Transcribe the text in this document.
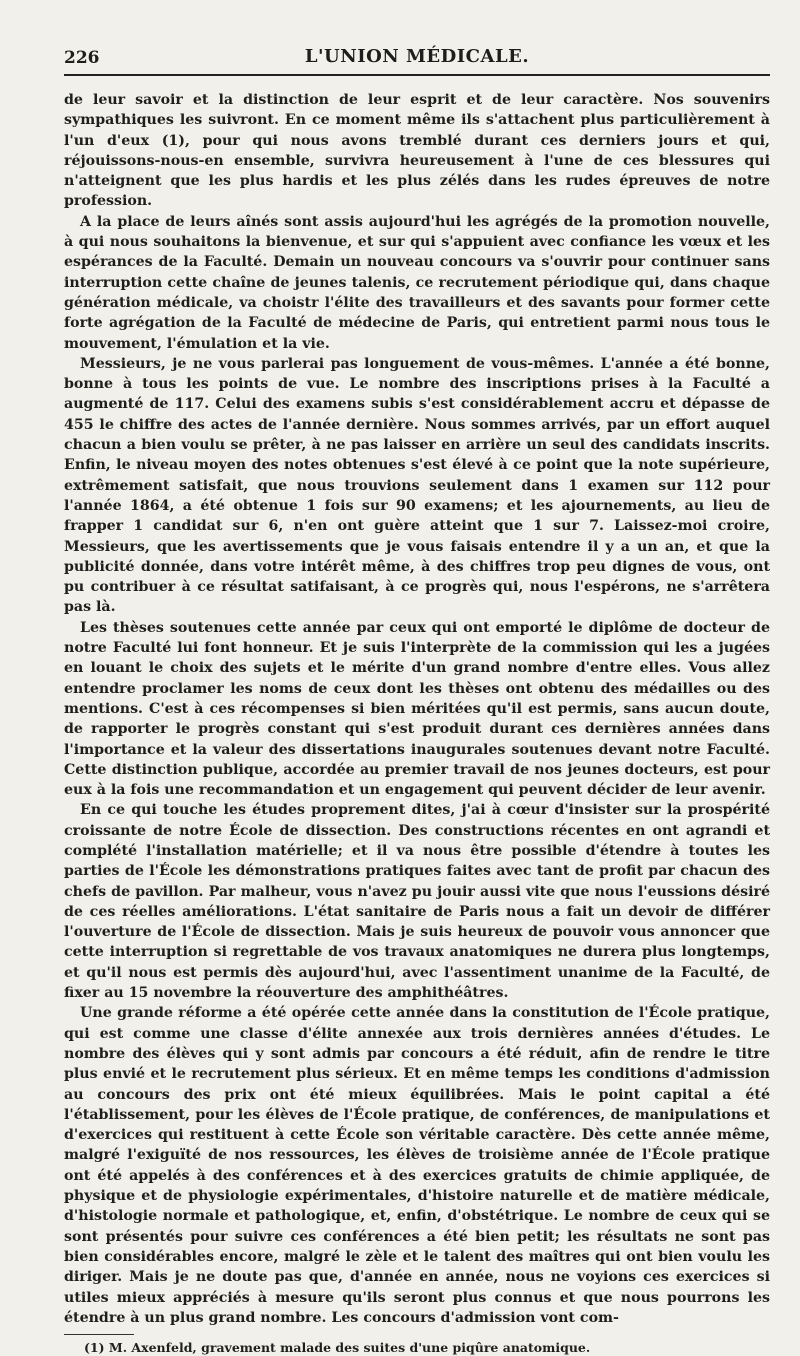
226	L'UNION MÉDICALE.

de leur savoir et la distinction de leur esprit et de leur caractère. Nos souvenirs sympathiques les suivront. En ce moment même ils s'attachent plus particulièrement à l'un d'eux (1), pour qui nous avons tremblé durant ces derniers jours et qui, réjouissons-nous-en ensemble, survivra heureusement à l'une de ces blessures qui n'atteignent que les plus hardis et les plus zélés dans les rudes épreuves de notre profession.

A la place de leurs aînés sont assis aujourd'hui les agrégés de la promotion nouvelle, à qui nous souhaitons la bienvenue, et sur qui s'appuient avec confiance les vœux et les espérances de la Faculté. Demain un nouveau concours va s'ouvrir pour continuer sans interruption cette chaîne de jeunes talenis, ce recrutement périodique qui, dans chaque génération médicale, va choistr l'élite des travailleurs et des savants pour former cette forte agrégation de la Faculté de médecine de Paris, qui entretient parmi nous tous le mouvement, l'émulation et la vie.

Messieurs, je ne vous parlerai pas longuement de vous-mêmes. L'année a été bonne, bonne à tous les points de vue. Le nombre des inscriptions prises à la Faculté a augmenté de 117. Celui des examens subis s'est considérablement accru et dépasse de 455 le chiffre des actes de l'année dernière. Nous sommes arrivés, par un effort auquel chacun a bien voulu se prêter, à ne pas laisser en arrière un seul des candidats inscrits. Enfin, le niveau moyen des notes obtenues s'est élevé à ce point que la note supérieure, extrêmement satisfait, que nous trouvions seulement dans 1 examen sur 112 pour l'année 1864, a été obtenue 1 fois sur 90 examens; et les ajournements, au lieu de frapper 1 candidat sur 6, n'en ont guère atteint que 1 sur 7. Laissez-moi croire, Messieurs, que les avertissements que je vous faisais entendre il y a un an, et que la publicité donnée, dans votre intérêt même, à des chiffres trop peu dignes de vous, ont pu contribuer à ce résultat satifaisant, à ce progrès qui, nous l'espérons, ne s'arrêtera pas là.

Les thèses soutenues cette année par ceux qui ont emporté le diplôme de docteur de notre Faculté lui font honneur. Et je suis l'interprète de la commission qui les a jugées en louant le choix des sujets et le mérite d'un grand nombre d'entre elles. Vous allez entendre proclamer les noms de ceux dont les thèses ont obtenu des médailles ou des mentions. C'est à ces récompenses si bien méritées qu'il est permis, sans aucun doute, de rapporter le progrès constant qui s'est produit durant ces dernières années dans l'importance et la valeur des dissertations inaugurales soutenues devant notre Faculté. Cette distinction publique, accordée au premier travail de nos jeunes docteurs, est pour eux à la fois une recommandation et un engagement qui peuvent décider de leur avenir.

En ce qui touche les études proprement dites, j'ai à cœur d'insister sur la prospérité croissante de notre École de dissection. Des constructions récentes en ont agrandi et complété l'installation matérielle; et il va nous être possible d'étendre à toutes les parties de l'École les démonstrations pratiques faites avec tant de profit par chacun des chefs de pavillon. Par malheur, vous n'avez pu jouir aussi vite que nous l'eussions désiré de ces réelles améliorations. L'état sanitaire de Paris nous a fait un devoir de différer l'ouverture de l'École de dissection. Mais je suis heureux de pouvoir vous annoncer que cette interruption si regrettable de vos travaux anatomiques ne durera plus longtemps, et qu'il nous est permis dès aujourd'hui, avec l'assentiment unanime de la Faculté, de fixer au 15 novembre la réouverture des amphithéâtres.

Une grande réforme a été opérée cette année dans la constitution de l'École pratique, qui est comme une classe d'élite annexée aux trois dernières années d'études. Le nombre des élèves qui y sont admis par concours a été réduit, afin de rendre le titre plus envié et le recrutement plus sérieux. Et en même temps les conditions d'admission au concours des prix ont été mieux équilibrées. Mais le point capital a été l'établissement, pour les élèves de l'École pratique, de conférences, de manipulations et d'exercices qui restituent à cette École son véritable caractère. Dès cette année même, malgré l'exiguïté de nos ressources, les élèves de troisième année de l'École pratique ont été appelés à des conférences et à des exercices gratuits de chimie appliquée, de physique et de physiologie expérimentales, d'histoire naturelle et de matière médicale, d'histologie normale et pathologique, et, enfin, d'obstétrique. Le nombre de ceux qui se sont présentés pour suivre ces conférences a été bien petit; les résultats ne sont pas bien considérables encore, malgré le zèle et le talent des maîtres qui ont bien voulu les diriger. Mais je ne doute pas que, d'année en année, nous ne voyions ces exercices si utiles mieux appréciés à mesure qu'ils seront plus connus et que nous pourrons les étendre à un plus grand nombre. Les concours d'admission vont com-

(1) M. Axenfeld, gravement malade des suites d'une piqûre anatomique.
